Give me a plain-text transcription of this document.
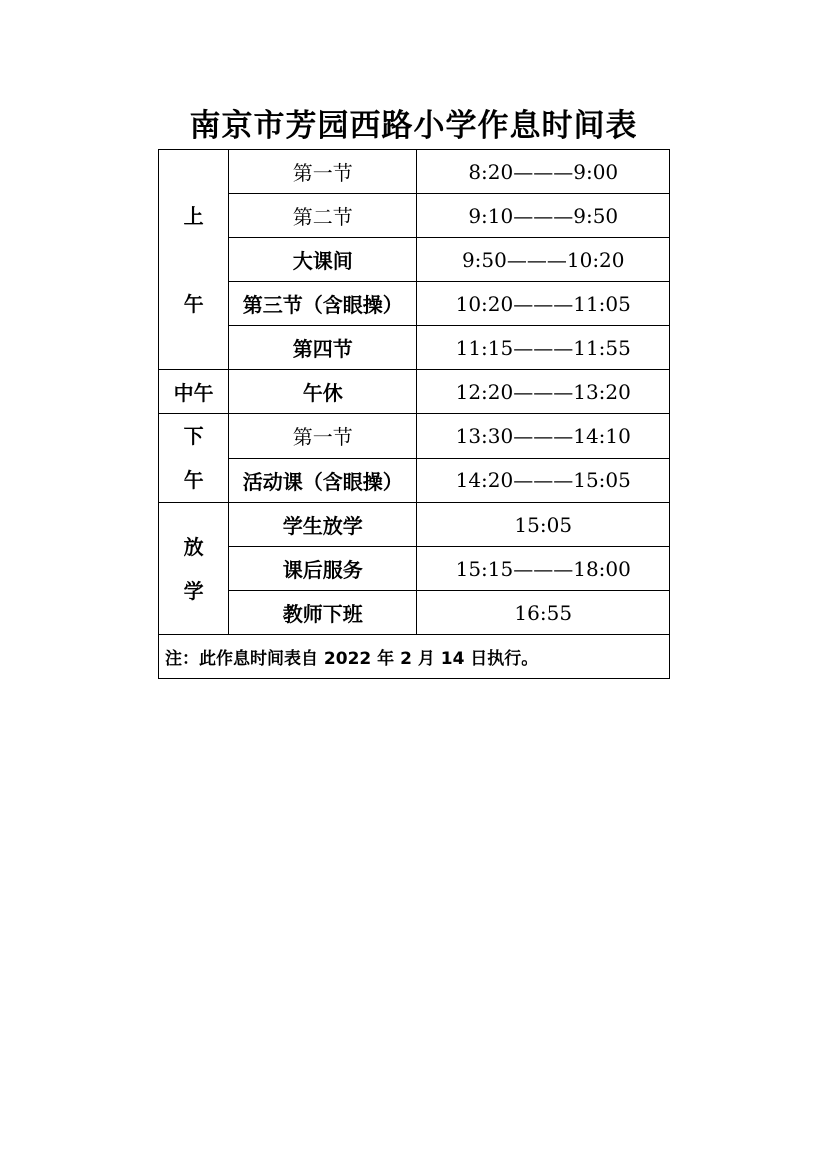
南京市芳园西路小学作息时间表
上
午	第一节	8:20———9:00
	第二节	9:10———9:50
	大课间	9:50———10:20
	第三节（含眼操）	10:20———11:05
	第四节	11:15———11:55
中午	午休	12:20———13:20

下
午	第一节	13:30———14:10
	活动课（含眼操）	14:20———15:05

放
学	学生放学	15:05
	课后服务	15:15———18:00
	教师下班	16:55
注：此作息时间表自 2022 年 2 月 14 日执行。		
